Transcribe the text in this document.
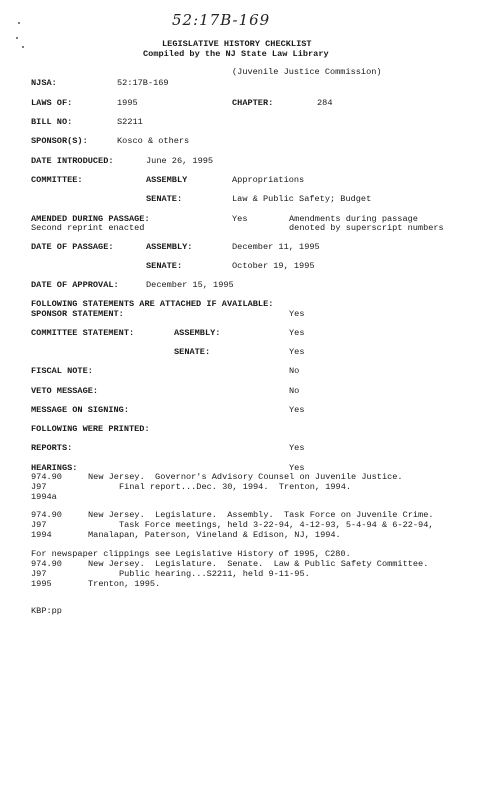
52:17B-169
LEGISLATIVE HISTORY CHECKLIST
Compiled by the NJ State Law Library
(Juvenile Justice Commission)
NJSA:	52:17B-169
LAWS OF:	1995	CHAPTER:	284
BILL NO:	S2211
SPONSOR(S):	Kosco & others
DATE INTRODUCED:	June 26, 1995
COMMITTEE:	ASSEMBLY	Appropriations
SENATE:	Law & Public Safety; Budget
AMENDED DURING PASSAGE:	Yes	Amendments during passage
Second reprint enacted	denoted by superscript numbers
DATE OF PASSAGE:	ASSEMBLY:	December 11, 1995
SENATE:	October 19, 1995
DATE OF APPROVAL:	December 15, 1995
FOLLOWING STATEMENTS ARE ATTACHED IF AVAILABLE:
SPONSOR STATEMENT:	Yes
COMMITTEE STATEMENT:	ASSEMBLY:	Yes
SENATE:	Yes
FISCAL NOTE:	No
VETO MESSAGE:	No
MESSAGE ON SIGNING:	Yes
FOLLOWING WERE PRINTED:
REPORTS:	Yes
HEARINGS:	Yes
974.90	New Jersey.  Governor's Advisory Counsel on Juvenile Justice.
J97	Final report...Dec. 30, 1994.  Trenton, 1994.
1994a
974.90	New Jersey.  Legislature.  Assembly.  Task Force on Juvenile Crime.
J97	Task Force meetings, held 3-22-94, 4-12-93, 5-4-94 & 6-22-94,
1994	Manalapan, Paterson, Vineland & Edison, NJ, 1994.
For newspaper clippings see Legislative History of 1995, C280.
974.90	New Jersey.  Legislature.  Senate.  Law & Public Safety Committee.
J97	Public hearing...S2211, held 9-11-95.
1995	Trenton, 1995.
KBP:pp
